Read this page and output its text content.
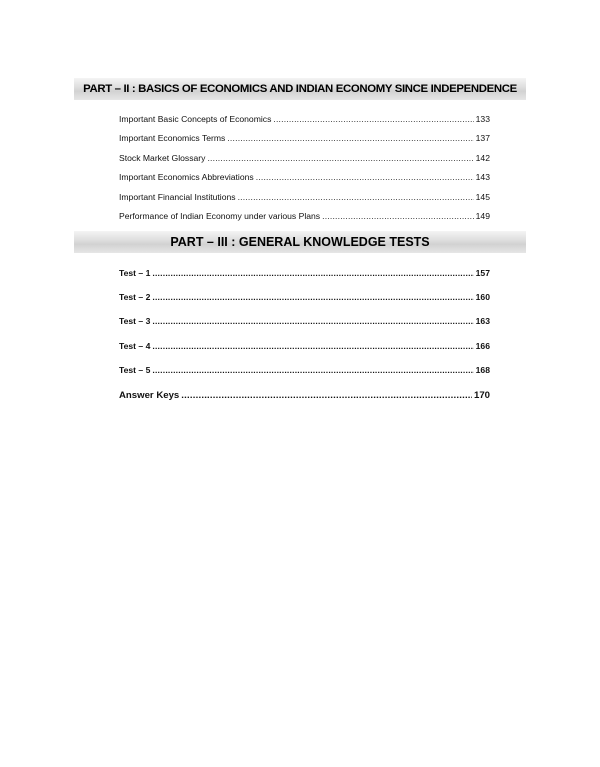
PART – II : BASICS OF ECONOMICS AND INDIAN ECONOMY SINCE INDEPENDENCE
Important Basic Concepts of Economics .....	133
Important Economics Terms .....	137
Stock Market Glossary .....	142
Important Economics Abbreviations .....	143
Important Financial Institutions .....	145
Performance of Indian Economy under various Plans .....	149
PART – III : GENERAL KNOWLEDGE TESTS
Test – 1 .....	157
Test – 2 .....	160
Test – 3 .....	163
Test – 4 .....	166
Test – 5 .....	168
Answer Keys .....	170
